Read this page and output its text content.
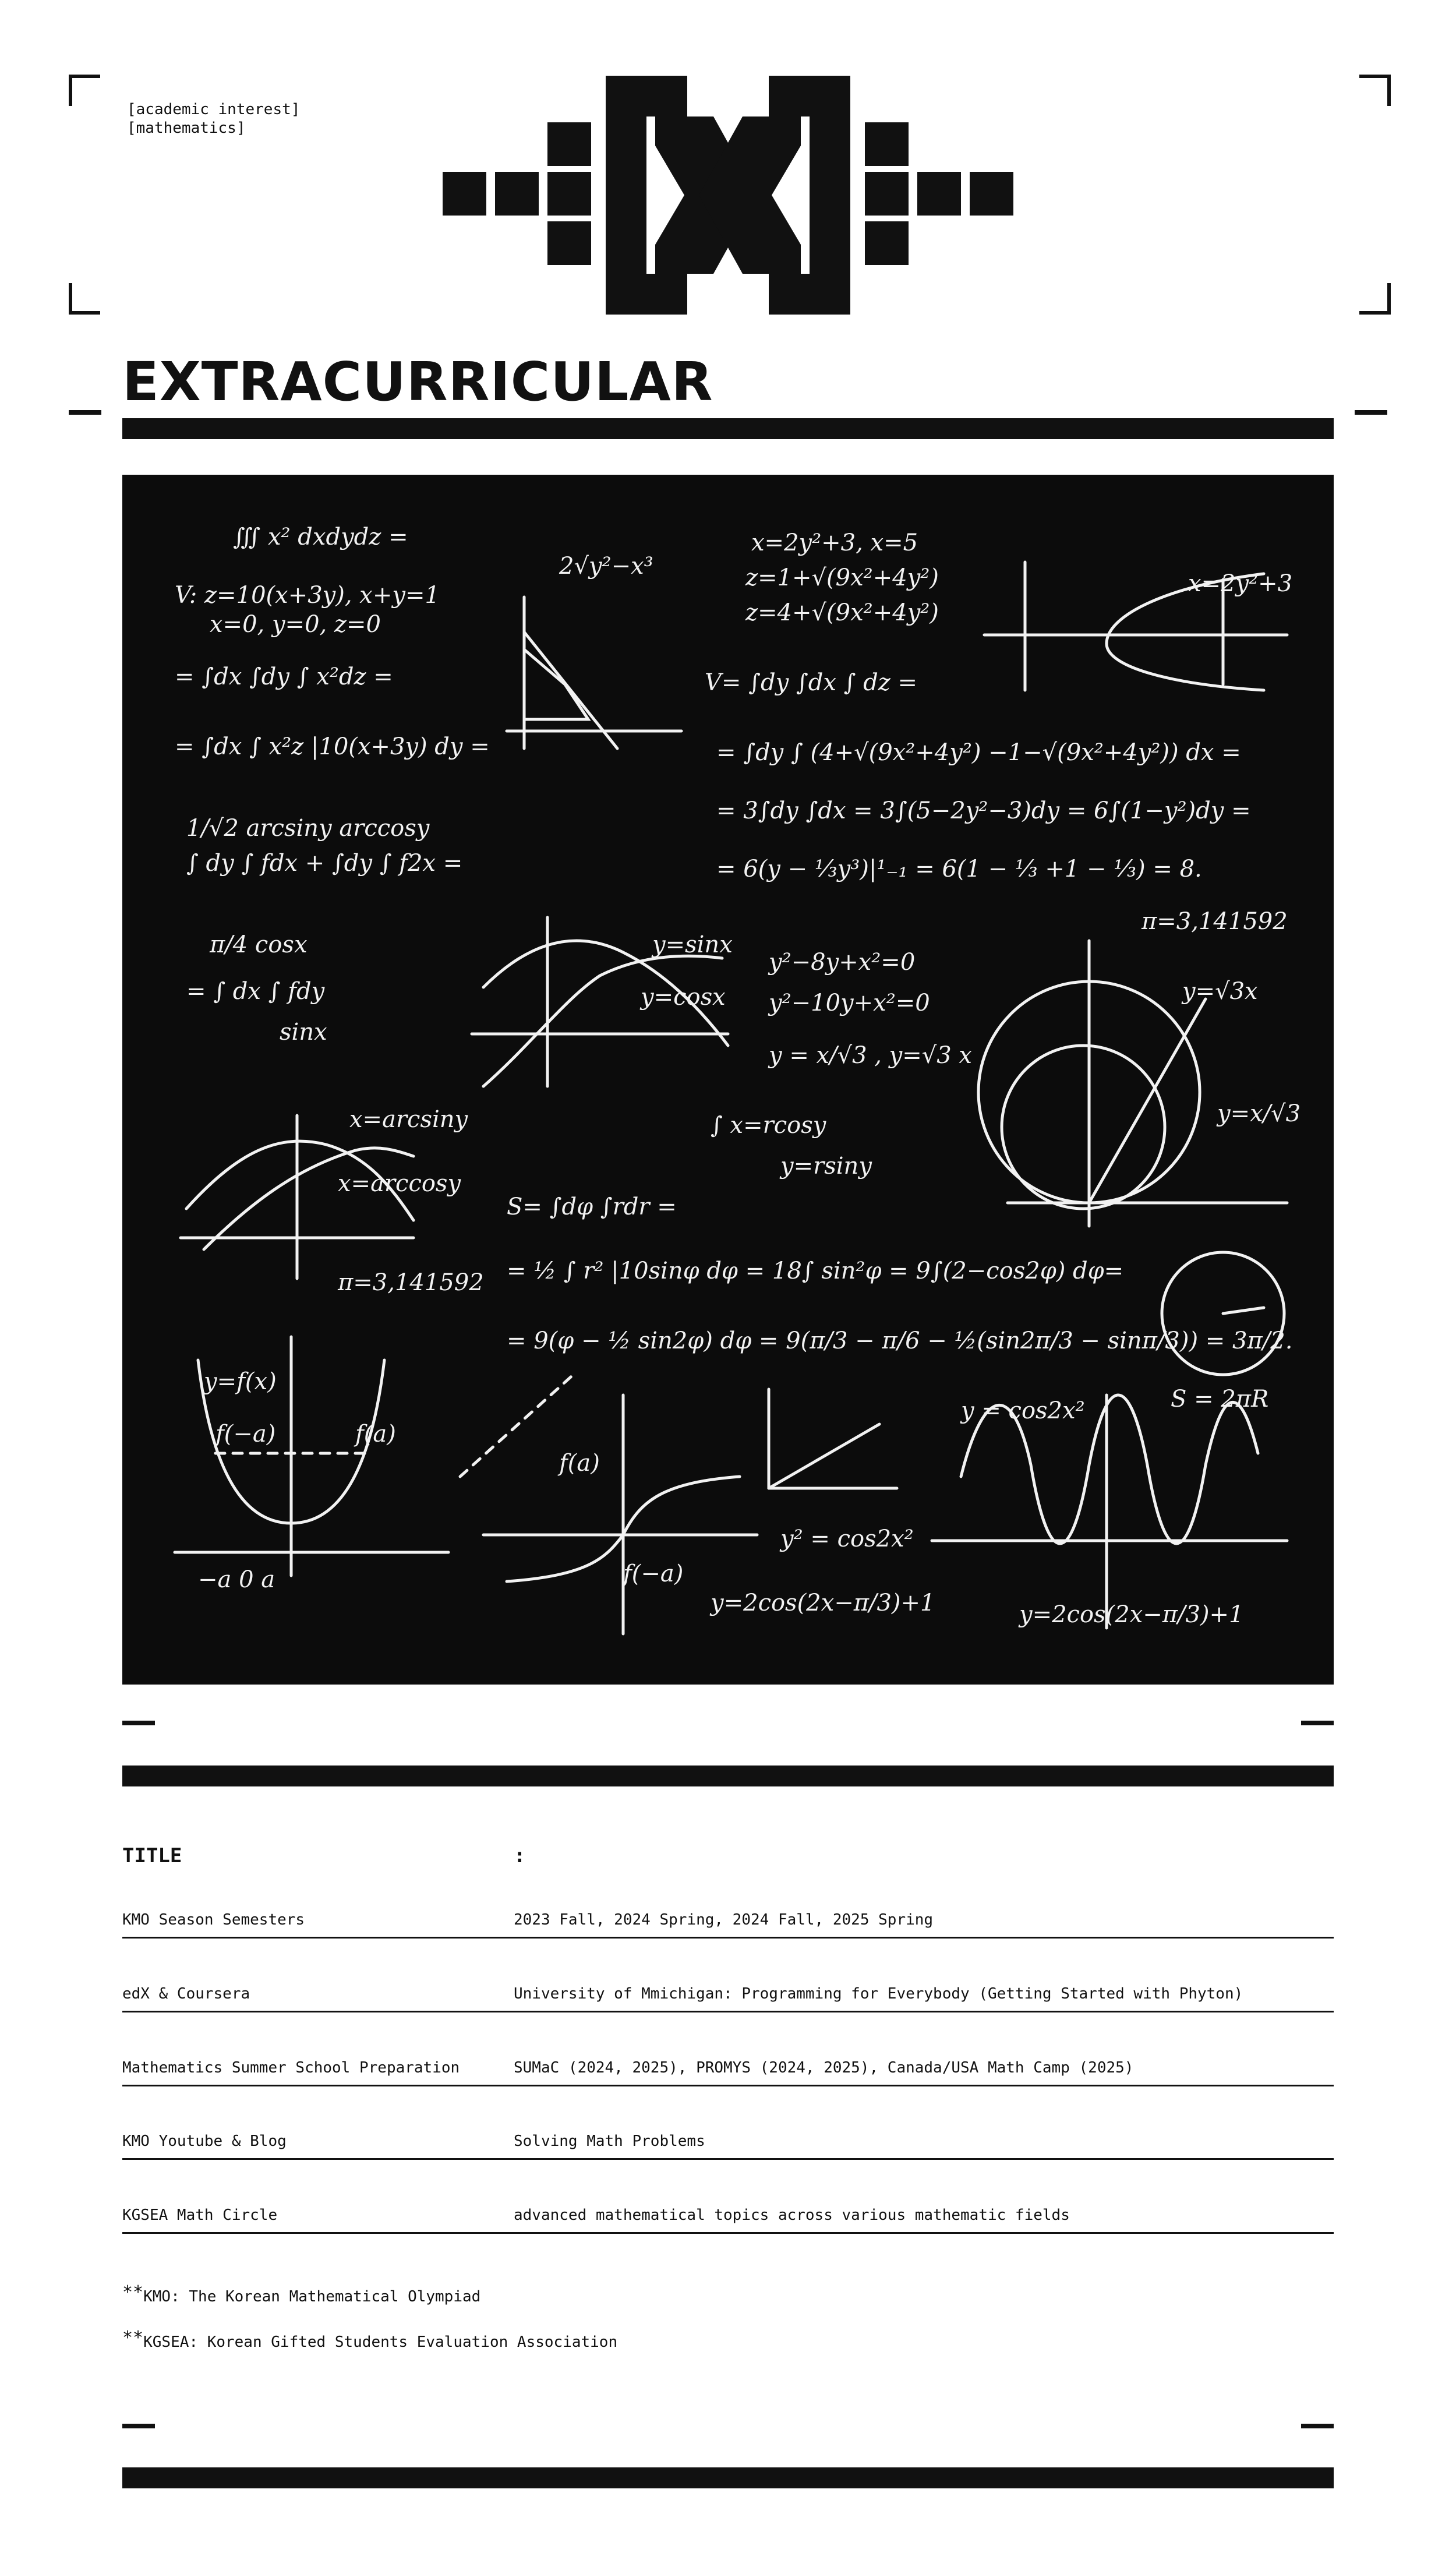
[academic interest]
[mathematics]
EXTRACURRICULAR
∭ x² dxdydz =
V: z=10(x+3y), x+y=1
x=0, y=0, z=0
= ∫dx ∫dy ∫ x²dz =
= ∫dx ∫ x²z |10(x+3y) dy =
2√y²−x³
x=2y²+3, x=5
z=1+√(9x²+4y²)
z=4+√(9x²+4y²)
V= ∫dy ∫dx ∫ dz =
= ∫dy ∫ (4+√(9x²+4y²) −1−√(9x²+4y²)) dx =
= 3∫dy ∫dx = 3∫(5−2y²−3)dy = 6∫(1−y²)dy =
= 6(y − ⅓y³)|¹₋₁ = 6(1 − ⅓ +1 − ⅓) = 8.
x=2y²+3
1/√2 arcsiny arccosy
∫ dy ∫ fdx + ∫dy ∫ f2x =
π/4 cosx
= ∫ dx ∫ fdy
sinx
y=sinx
y=cosx
y²−8y+x²=0
y²−10y+x²=0
y = x/√3 , y=√3 x
π=3,141592
∫ x=rcosy
y=rsiny
y=√3x
y=x/√3
x=arcsiny
x=arccosy
S= ∫dφ ∫rdr =
= ½ ∫ r² |10sinφ dφ = 18∫ sin²φ = 9∫(2−cos2φ) dφ=
= 9(φ − ½ sin2φ) dφ = 9(π/3 − π/6 − ½(sin2π/3 − sinπ/3)) = 3π/2.
π=3,141592
S = 2πR
y=f(x)
f(−a)	f(a)
−a 0 a
f(a)
f(−a)
y² = cos2x²
y=2cos(2x−π/3)+1
y = cos2x²
y=2cos(2x−π/3)+1
TITLE	:
KMO Season Semesters	2023 Fall, 2024 Spring, 2024 Fall, 2025 Spring
edX & Coursera	University of Mmichigan: Programming for Everybody (Getting Started with Phyton)
Mathematics Summer School Preparation	SUMaC (2024, 2025), PROMYS (2024, 2025), Canada/USA Math Camp (2025)
KMO Youtube & Blog	Solving Math Problems
KGSEA Math Circle	advanced mathematical topics across various mathematic fields
**KMO: The Korean Mathematical Olympiad
**KGSEA: Korean Gifted Students Evaluation Association
